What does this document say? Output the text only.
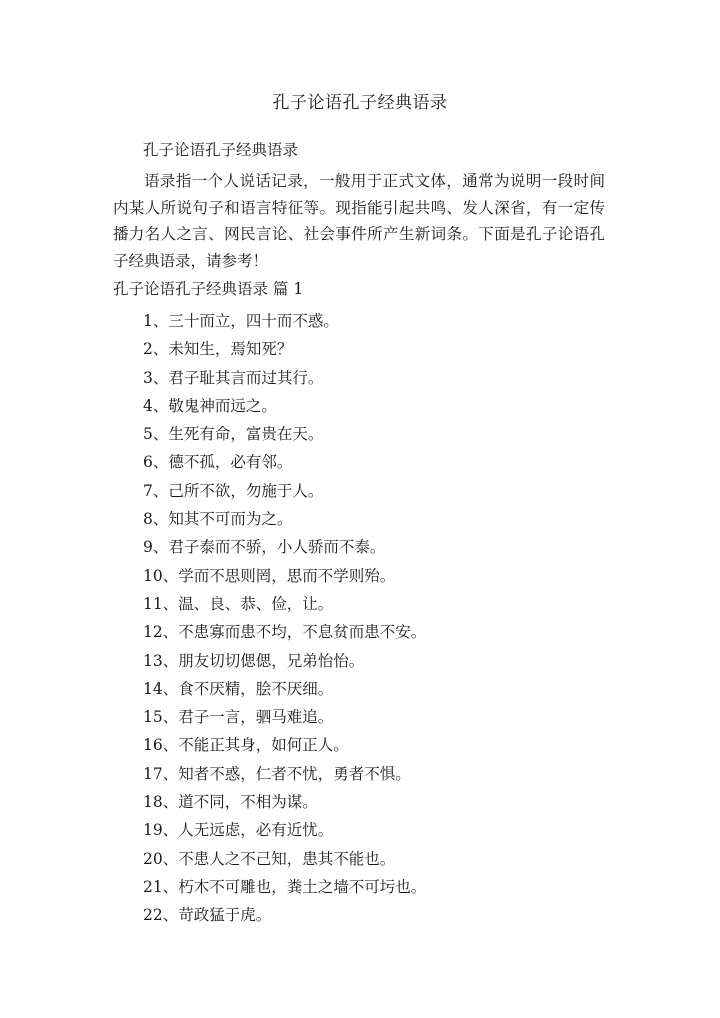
孔子论语孔子经典语录
孔子论语孔子经典语录

语录指一个人说话记录，一般用于正式文体，通常为说明一段时间内某人所说句子和语言特征等。现指能引起共鸣、发人深省，有一定传播力名人之言、网民言论、社会事件所产生新词条。下面是孔子论语孔子经典语录，请参考！

孔子论语孔子经典语录 篇 1
1、三十而立，四十而不惑。
2、未知生，焉知死？
3、君子耻其言而过其行。
4、敬鬼神而远之。
5、生死有命，富贵在天。
6、德不孤，必有邻。
7、己所不欲，勿施于人。
8、知其不可而为之。
9、君子泰而不骄，小人骄而不泰。
10、学而不思则罔，思而不学则殆。
11、温、良、恭、俭，让。
12、不患寡而患不均，不息贫而患不安。
13、朋友切切偲偲，兄弟怡怡。
14、食不厌精，脍不厌细。
15、君子一言，驷马难追。
16、不能正其身，如何正人。
17、知者不惑，仁者不忧，勇者不惧。
18、道不同，不相为谋。
19、人无远虑，必有近忧。
20、不患人之不己知，患其不能也。
21、朽木不可雕也，粪土之墙不可圬也。
22、苛政猛于虎。
